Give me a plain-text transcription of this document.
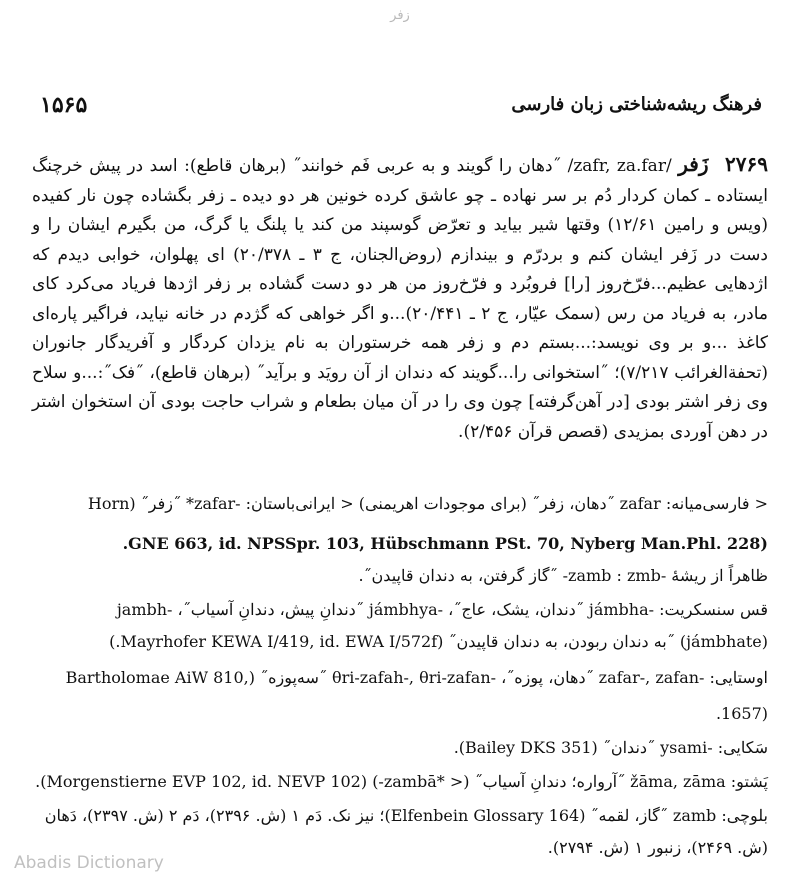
زفر
۱۵۶۵	فرهنگ ریشه‌شناختی زبان فارسی

۲۷۶۹ زَفر /zafr, za.far/ ˝دهان را گویند و به عربی فَم خوانند˝ (برهان قاطع): اسد در پیش خرچنگ ایستاده ـ کمان کردار دُم بر سر نهاده ـ چو عاشق کرده خونین هر دو دیده ـ زفر بگشاده چون نار کفیده (ویس و رامین ۱۲/۶۱) وقتها شیر بیاید و تعرّض گوسپند من کند یا پلنگ یا گرگ، من بگیرم ایشان را و دست در زَفر ایشان کنم و بردرّم و بیندازم (روض‌الجنان، ج ۳ ـ ۲۰/۳۷۸) ای پهلوان، خوابی دیدم که اژدهایی عظیم...فرّخ‌روز [را] فروبُرد و فرّخ‌روز من هر دو دست گشاده بر زفر اژدها فریاد می‌کرد کای مادر، به فریاد من رس (سمک عیّار، ج ۲ ـ ۲۰/۴۴۱)...و اگر خواهی که گژدم در خانه نیاید، فراگیر پاره‌ای کاغذ ...و بر وی نویسد:...بستم دم و زفر همه خرستوران به نام یزدان کردگار و آفریدگار جانوران (تحفة‌الغرائب ۷/۲۱۷)؛ ˝استخوانی را...گویند که دندان از آن رویَد و برآید˝ (برهان قاطع)، ˝فک˝:...و سلاح وی زفر اشتر بودی [در آهن‌گرفته] چون وی را در آن میان بطعام و شراب حاجت بودی آن استخوان اشتر در دهن آوردی بمزیدی (قصص قرآن ۲/۴۵۶).

< فارسی‌میانه: zafar ˝دهان، زفر˝ (برای موجودات اهریمنی) < ایرانی‌باستان: -zafar* ˝زفر˝ (Horn
(GNE 663, id. NPSSpr. 103, Hübschmann PSt. 70, Nyberg Man.Phl. 228.
ظاهراً از ریشهٔ -zamb : zmb- ˝گاز گرفتن، به دندان قاپیدن˝.
قس سنسکریت: -jámbha ˝دندان، یشک، عاج˝، -jámbhya ˝دندانِ پیش، دندانِ آسیاب˝، -jambh
(jámbhate) ˝به دندان ربودن، به دندان قاپیدن˝ (Mayrhofer KEWA I/419, id. EWA I/572f.)
اوستایی: -zafar-, zafan ˝دهان، پوزه˝، -θri-zafah-, θri-zafan ˝سه‌پوزه˝ (,Bartholomae AiW 810
(1657.
سَکایی: -ysami ˝دندان˝ (Bailey DKS 351).
پَشتو: žāma, zāma ˝آرواره؛ دندانِ آسیاب˝ (< *zambā-) (Morgenstierne EVP 102, id. NEVP 102).
بلوچی: zamb ˝گاز، لقمه˝ (Elfenbein Glossary 164)؛ نیز نک. دَم ۱ (ش. ۲۳۹۶)، دَم ۲ (ش. ۲۳۹۷)، دَهان
(ش. ۲۴۶۹)، زنبور ۱ (ش. ۲۷۹۴).
Abadis Dictionary
